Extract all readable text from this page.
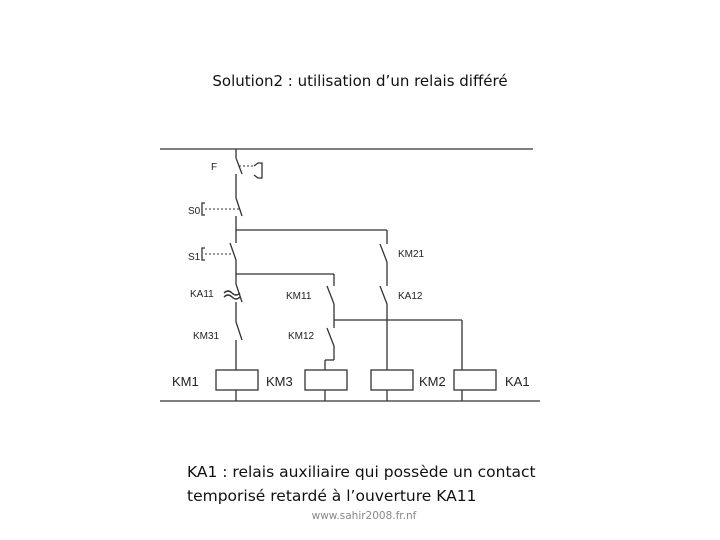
Solution2 : utilisation d’un relais différé
F
S0
S1
KA11
KM31
KM21
KM11	KA12
KM12
KM1	KM3	KM2	KA1
KA1 : relais auxiliaire qui possède un contact
temporisé retardé à l’ouverture KA11
www.sahir2008.fr.nf
